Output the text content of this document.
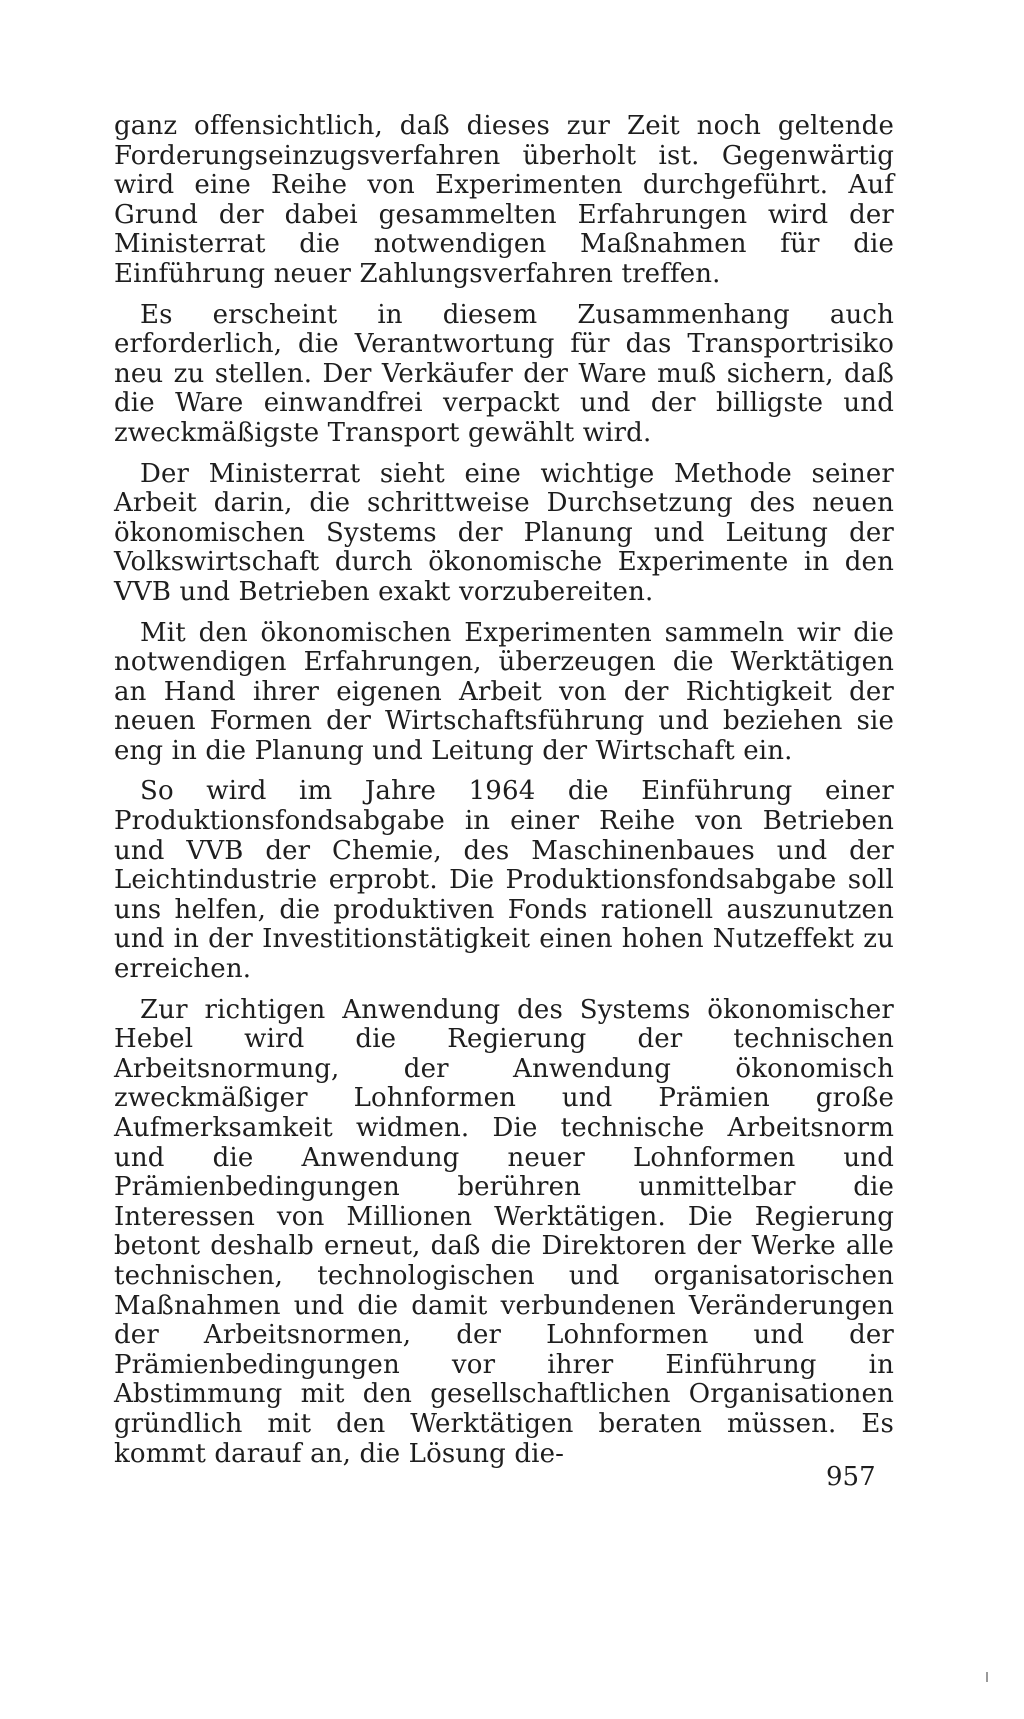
ganz offensichtlich, daß dieses zur Zeit noch geltende Forderungseinzugsverfahren überholt ist. Gegenwärtig wird eine Reihe von Experimenten durchgeführt. Auf Grund der dabei gesammelten Erfahrungen wird der Ministerrat die notwendigen Maßnahmen für die Einführung neuer Zahlungsverfahren treffen.

Es erscheint in diesem Zusammenhang auch erforderlich, die Verantwortung für das Transportrisiko neu zu stellen. Der Verkäufer der Ware muß sichern, daß die Ware einwandfrei verpackt und der billigste und zweckmäßigste Transport gewählt wird.

Der Ministerrat sieht eine wichtige Methode seiner Arbeit darin, die schrittweise Durchsetzung des neuen ökonomischen Systems der Planung und Leitung der Volkswirtschaft durch ökonomische Experimente in den VVB und Betrieben exakt vorzubereiten.

Mit den ökonomischen Experimenten sammeln wir die notwendigen Erfahrungen, überzeugen die Werktätigen an Hand ihrer eigenen Arbeit von der Richtigkeit der neuen Formen der Wirtschaftsführung und beziehen sie eng in die Planung und Leitung der Wirtschaft ein.

So wird im Jahre 1964 die Einführung einer Produktionsfondsabgabe in einer Reihe von Betrieben und VVB der Chemie, des Maschinenbaues und der Leichtindustrie erprobt. Die Produktionsfondsabgabe soll uns helfen, die produktiven Fonds rationell auszunutzen und in der Investitionstätigkeit einen hohen Nutzeffekt zu erreichen.

Zur richtigen Anwendung des Systems ökonomischer Hebel wird die Regierung der technischen Arbeitsnormung, der Anwendung ökonomisch zweckmäßiger Lohnformen und Prämien große Aufmerksamkeit widmen. Die technische Arbeitsnorm und die Anwendung neuer Lohnformen und Prämienbedingungen berühren unmittelbar die Interessen von Millionen Werktätigen. Die Regierung betont deshalb erneut, daß die Direktoren der Werke alle technischen, technologischen und organisatorischen Maßnahmen und die damit verbundenen Veränderungen der Arbeitsnormen, der Lohnformen und der Prämienbedingungen vor ihrer Einführung in Abstimmung mit den gesellschaftlichen Organisationen gründlich mit den Werktätigen beraten müssen. Es kommt darauf an, die Lösung die-

957
